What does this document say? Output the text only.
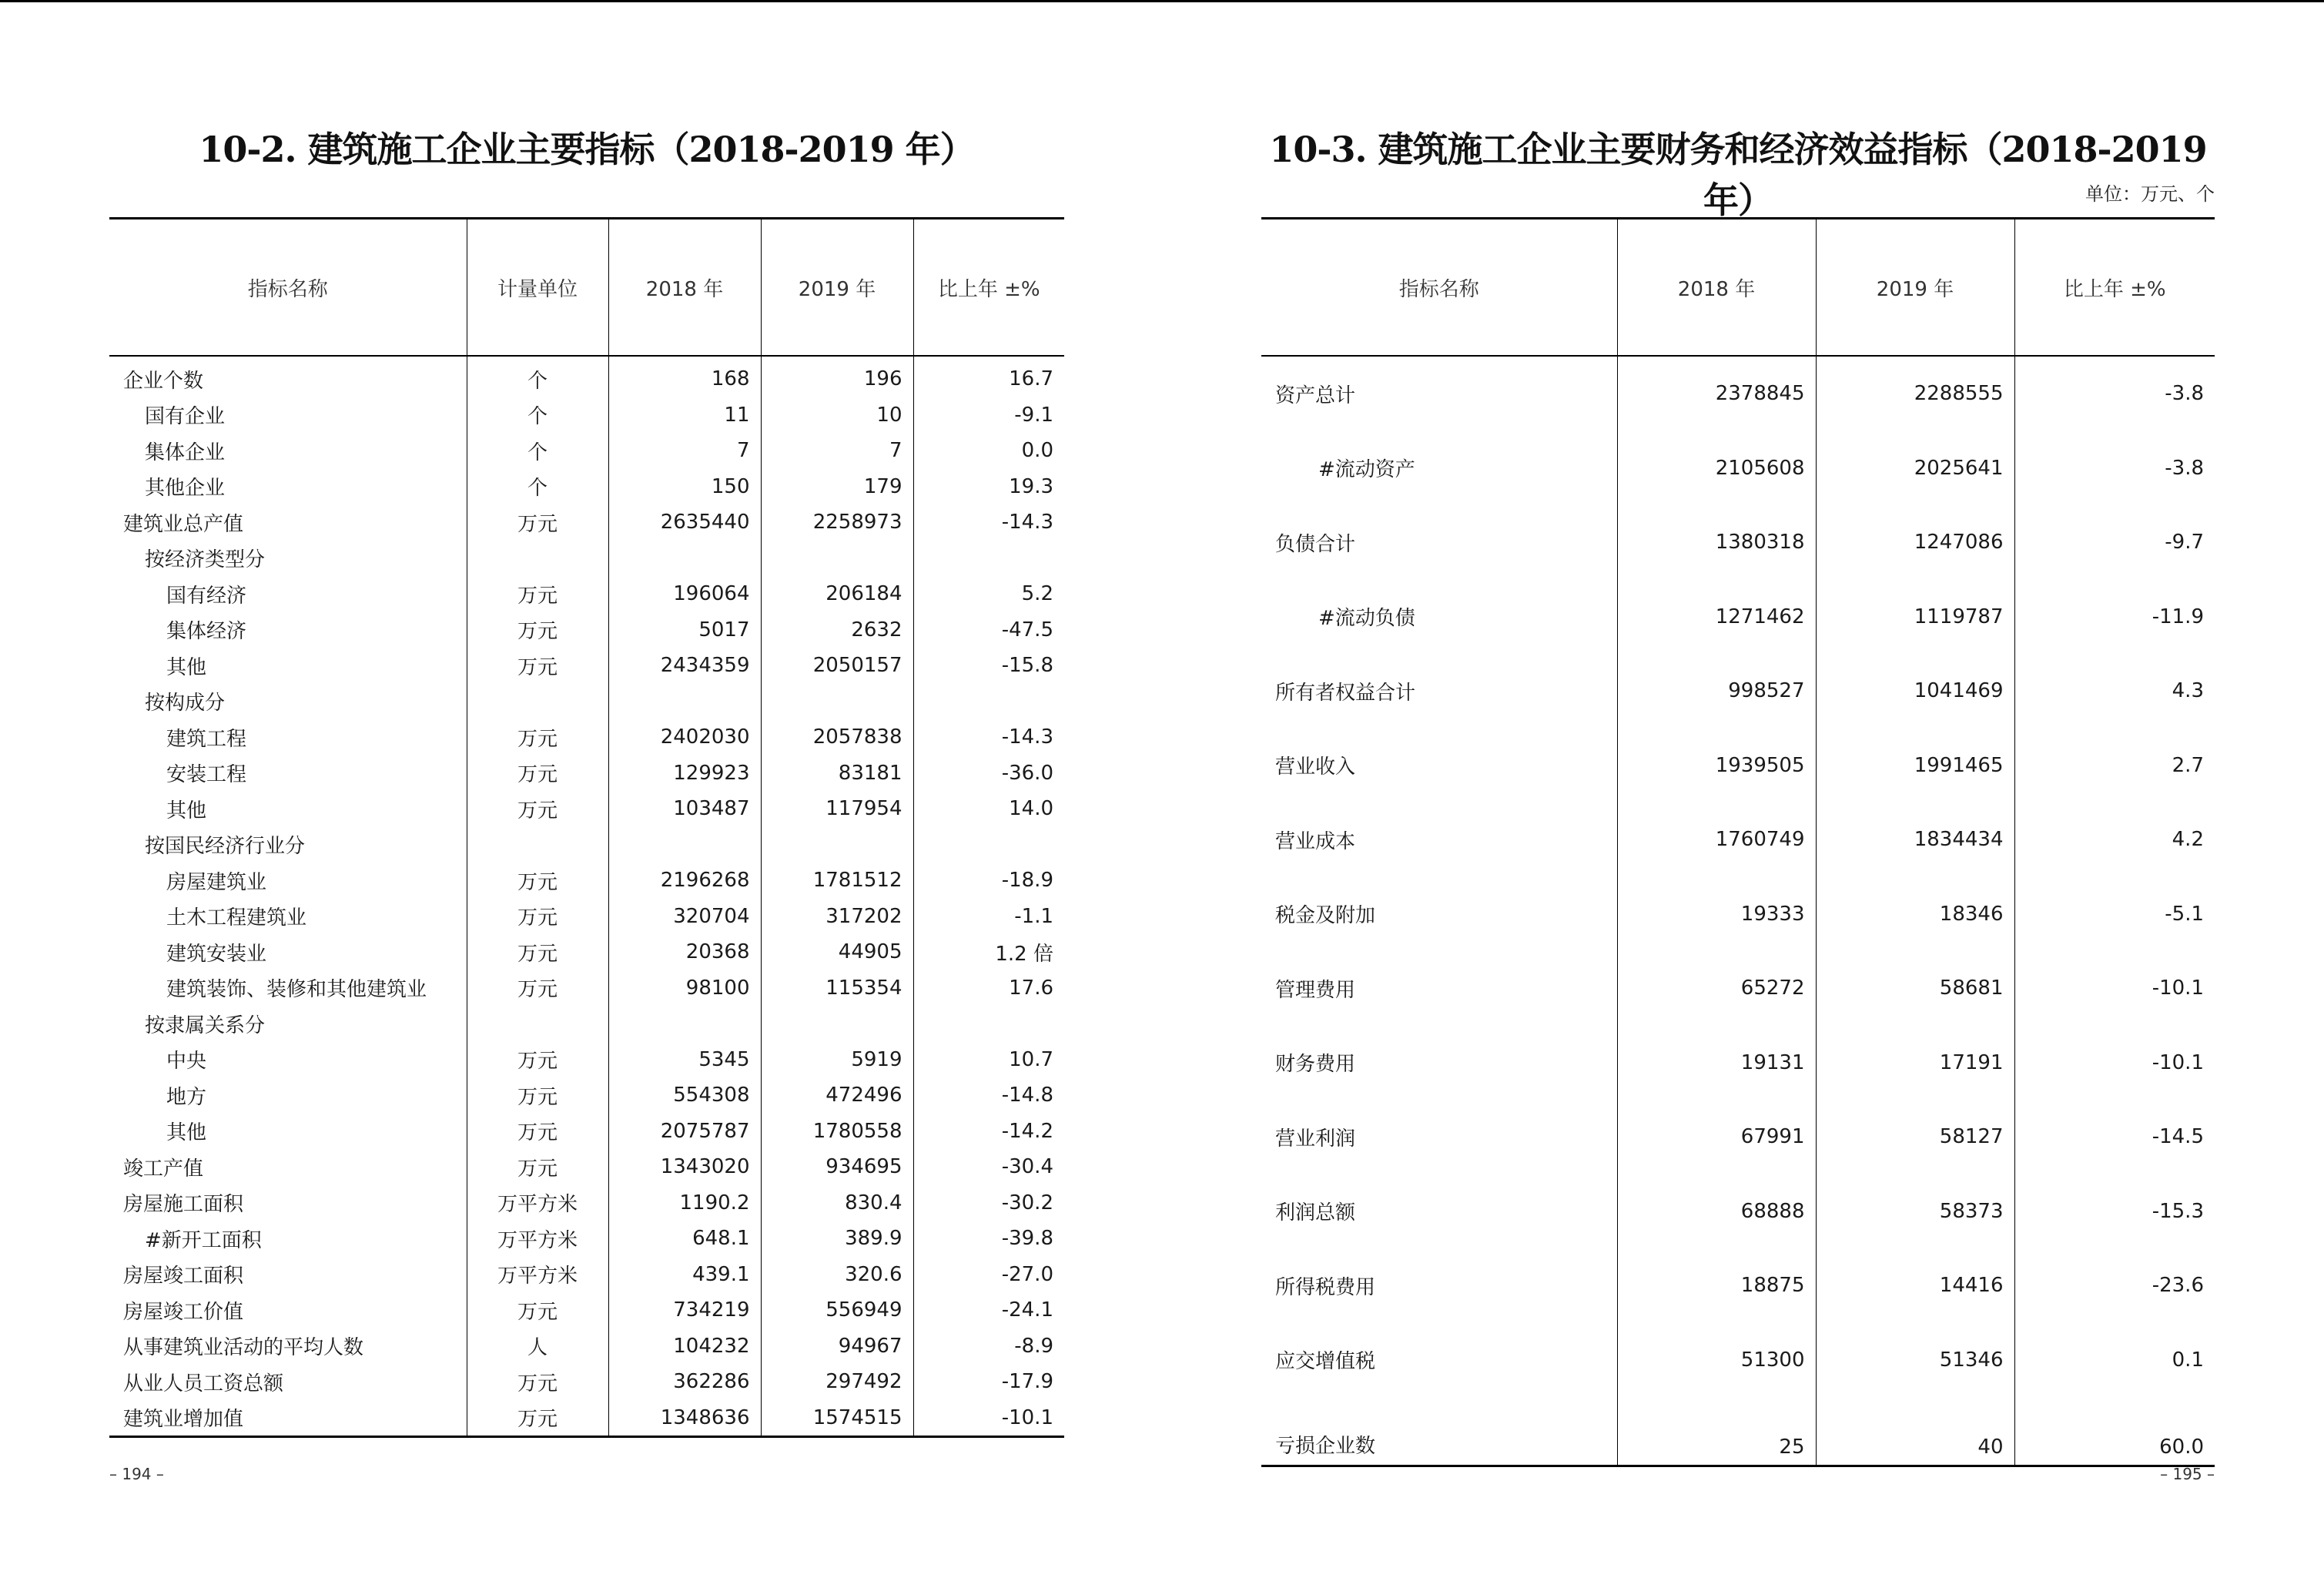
10-2. 建筑施工企业主要指标（2018-2019 年）
指标名称	计量单位	2018 年	2019 年	比上年 ±%
企业个数	个	168	196	16.7
国有企业	个	11	10	-9.1
集体企业	个	7	7	0.0
其他企业	个	150	179	19.3
建筑业总产值	万元	2635440	2258973	-14.3
按经济类型分				
国有经济	万元	196064	206184	5.2
集体经济	万元	5017	2632	-47.5
其他	万元	2434359	2050157	-15.8
按构成分				
建筑工程	万元	2402030	2057838	-14.3
安装工程	万元	129923	83181	-36.0
其他	万元	103487	117954	14.0
按国民经济行业分				
房屋建筑业	万元	2196268	1781512	-18.9
土木工程建筑业	万元	320704	317202	-1.1
建筑安装业	万元	20368	44905	1.2 倍
建筑装饰、装修和其他建筑业	万元	98100	115354	17.6
按隶属关系分				
中央	万元	5345	5919	10.7
地方	万元	554308	472496	-14.8
其他	万元	2075787	1780558	-14.2
竣工产值	万元	1343020	934695	-30.4
房屋施工面积	万平方米	1190.2	830.4	-30.2
#新开工面积	万平方米	648.1	389.9	-39.8
房屋竣工面积	万平方米	439.1	320.6	-27.0
房屋竣工价值	万元	734219	556949	-24.1
从事建筑业活动的平均人数	人	104232	94967	-8.9
从业人员工资总额	万元	362286	297492	-17.9
建筑业增加值	万元	1348636	1574515	-10.1
– 194 –
10-3. 建筑施工企业主要财务和经济效益指标（2018-2019 年）	单位：万元、个
指标名称	2018 年	2019 年	比上年 ±%
资产总计	2378845	2288555	-3.8
#流动资产	2105608	2025641	-3.8
负债合计	1380318	1247086	-9.7
#流动负债	1271462	1119787	-11.9
所有者权益合计	998527	1041469	4.3
营业收入	1939505	1991465	2.7
营业成本	1760749	1834434	4.2
税金及附加	19333	18346	-5.1
管理费用	65272	58681	-10.1
财务费用	19131	17191	-10.1
营业利润	67991	58127	-14.5
利润总额	68888	58373	-15.3
所得税费用	18875	14416	-23.6
应交增值税	51300	51346	0.1
亏损企业数	25	40	60.0
– 195 –
